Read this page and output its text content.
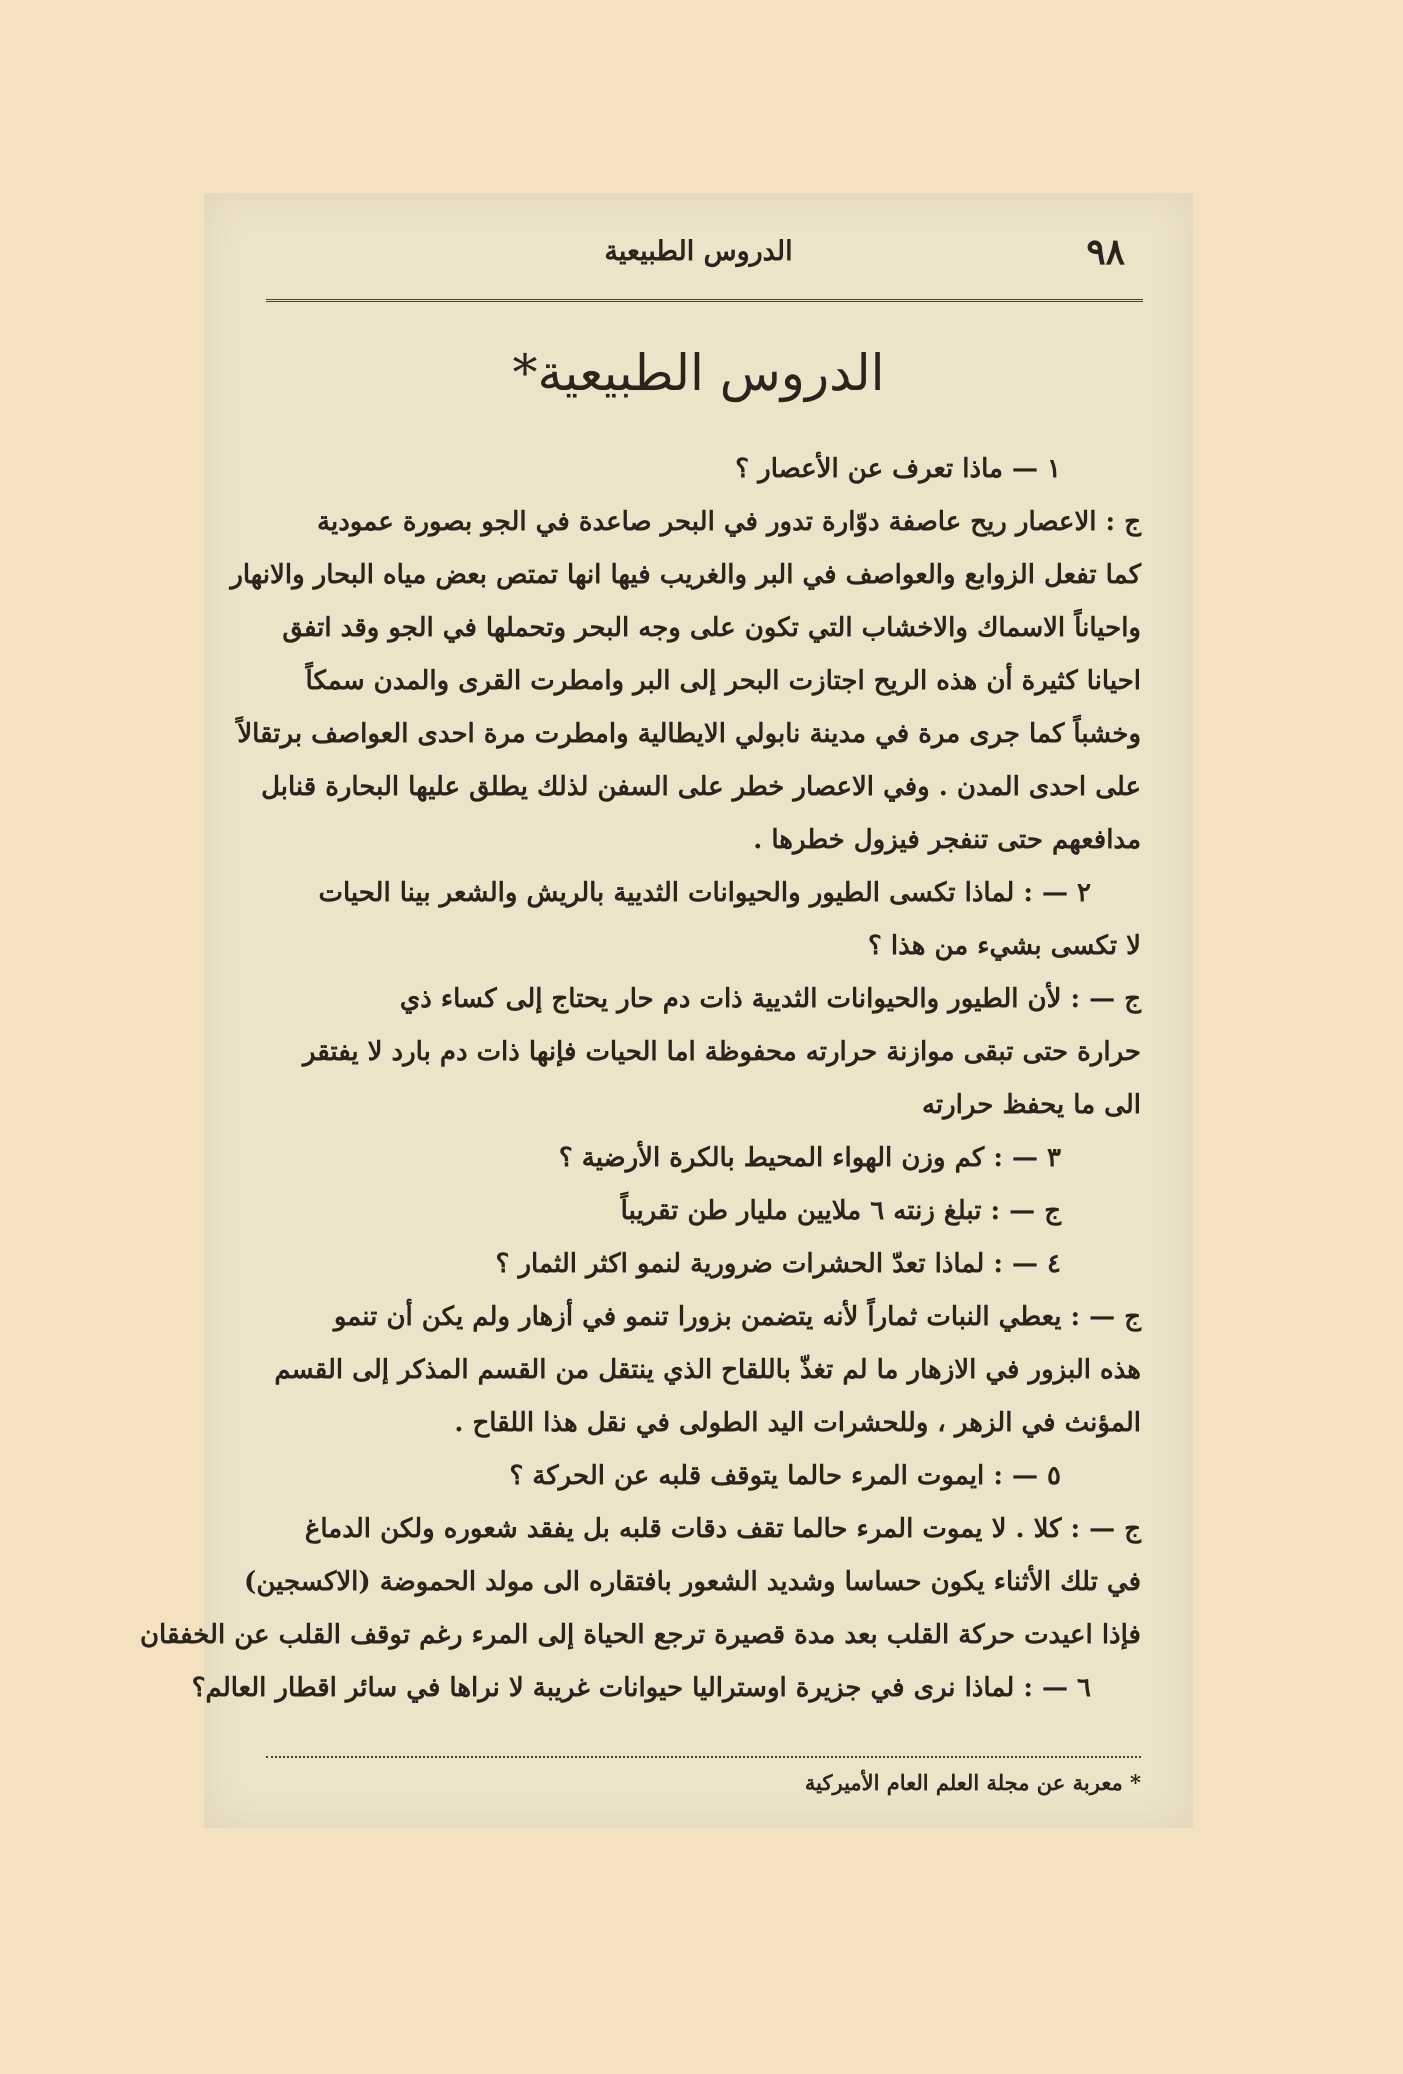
٩٨
الدروس الطبيعية
الدروس الطبيعية*
١ — ماذا تعرف عن الأعصار ؟
ج : الاعصار ريح عاصفة دوّارة تدور في البحر صاعدة في الجو بصورة عمودية
كما تفعل الزوابع والعواصف في البر والغريب فيها انها تمتص بعض مياه البحار والانهار
واحياناً الاسماك والاخشاب التي تكون على وجه البحر وتحملها في الجو وقد اتفق
احيانا كثيرة أن هذه الريح اجتازت البحر إلى البر وامطرت القرى والمدن سمكاً
وخشباً كما جرى مرة في مدينة نابولي الايطالية وامطرت مرة احدى العواصف برتقالاً
على احدى المدن . وفي الاعصار خطر على السفن لذلك يطلق عليها البحارة قنابل
مدافعهم حتى تنفجر فيزول خطرها .
٢ — : لماذا تكسى الطيور والحيوانات الثديية بالريش والشعر بينا الحيات
لا تكسى بشيء من هذا ؟
ج — : لأن الطيور والحيوانات الثديية ذات دم حار يحتاج إلى كساء ذي
حرارة حتى تبقى موازنة حرارته محفوظة اما الحيات فإنها ذات دم بارد لا يفتقر
الى ما يحفظ حرارته
٣ — : كم وزن الهواء المحيط بالكرة الأرضية ؟
ج — : تبلغ زنته ٦ ملايين مليار طن تقريباً
٤ — : لماذا تعدّ الحشرات ضرورية لنمو اكثر الثمار ؟
ج — : يعطي النبات ثماراً لأنه يتضمن بزورا تنمو في أزهار ولم يكن أن تنمو
هذه البزور في الازهار ما لم تغذّ باللقاح الذي ينتقل من القسم المذكر إلى القسم
المؤنث في الزهر ، وللحشرات اليد الطولى في نقل هذا اللقاح .
٥ — : ايموت المرء حالما يتوقف قلبه عن الحركة ؟
ج — : كلا . لا يموت المرء حالما تقف دقات قلبه بل يفقد شعوره ولكن الدماغ
في تلك الأثناء يكون حساسا وشديد الشعور بافتقاره الى مولد الحموضة (الاكسجين)
فإذا اعيدت حركة القلب بعد مدة قصيرة ترجع الحياة إلى المرء رغم توقف القلب عن الخفقان
٦ — : لماذا نرى في جزيرة اوستراليا حيوانات غريبة لا نراها في سائر اقطار العالم؟
* معربة عن مجلة العلم العام الأميركية
